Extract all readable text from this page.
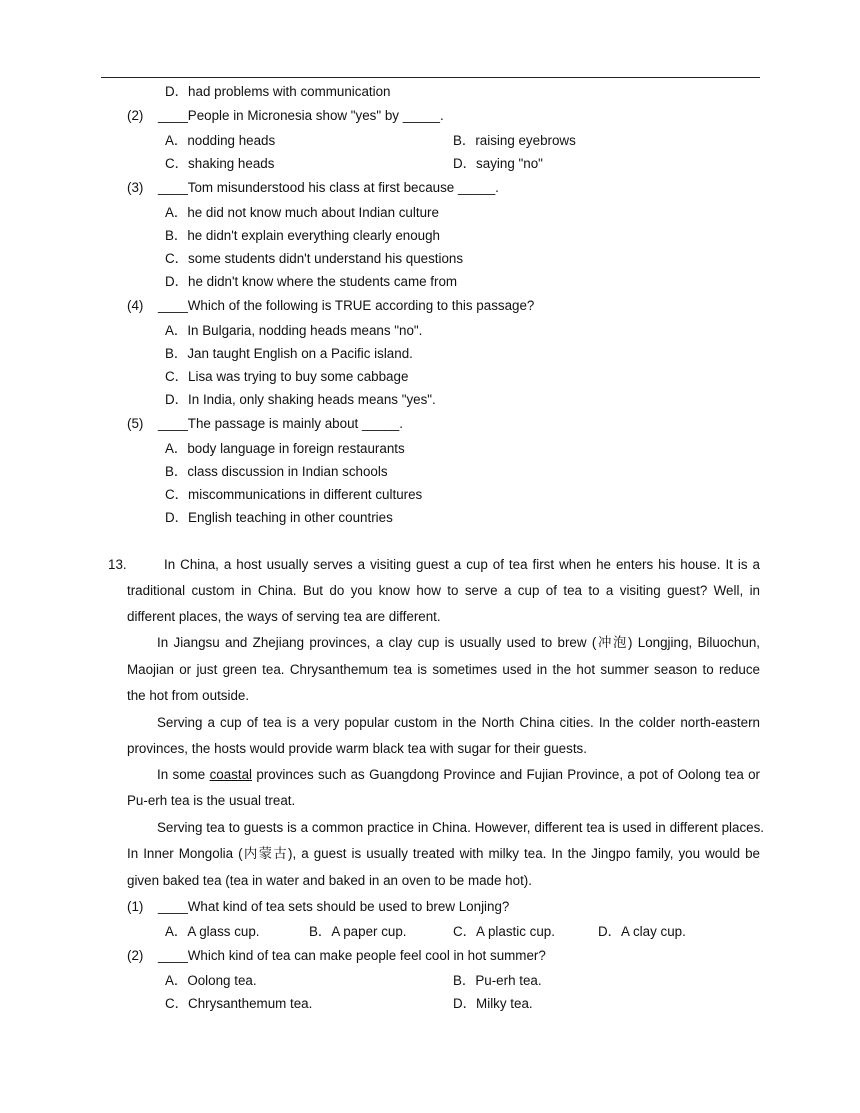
D．had problems with communication
(2) ____People in Micronesia show "yes" by _____.
A．nodding heads	B．raising eyebrows
C．shaking heads	D．saying "no"
(3) ____Tom misunderstood his class at first because _____.
A．he did not know much about Indian culture
B．he didn't explain everything clearly enough
C．some students didn't understand his questions
D．he didn't know where the students came from
(4) ____Which of the following is TRUE according to this passage?
A．In Bulgaria, nodding heads means "no".
B．Jan taught English on a Pacific island.
C．Lisa was trying to buy some cabbage
D．In India, only shaking heads means "yes".
(5) ____The passage is mainly about _____.
A．body language in foreign restaurants
B．class discussion in Indian schools
C．miscommunications in different cultures
D．English teaching in other countries
13.	In China, a host usually serves a visiting guest a cup of tea first when he enters his house. It is a
traditional custom in China. But do you know how to serve a cup of tea to a visiting guest? Well, in
different places, the ways of serving tea are different.
In Jiangsu and Zhejiang provinces, a clay cup is usually used to brew (冲泡) Longjing, Biluochun,
Maojian or just green tea. Chrysanthemum tea is sometimes used in the hot summer season to reduce
the hot from outside.
Serving a cup of tea is a very popular custom in the North China cities. In the colder north-eastern
provinces, the hosts would provide warm black tea with sugar for their guests.
In some coastal provinces such as Guangdong Province and Fujian Province, a pot of Oolong tea or
Pu-erh tea is the usual treat.
Serving tea to guests is a common practice in China. However, different tea is used in different places.
In Inner Mongolia (内蒙古), a guest is usually treated with milky tea. In the Jingpo family, you would be
given baked tea (tea in water and baked in an oven to be made hot).
(1) ____What kind of tea sets should be used to brew Lonjing?
A．A glass cup.	B．A paper cup.	C．A plastic cup.	D．A clay cup.
(2) ____Which kind of tea can make people feel cool in hot summer?
A．Oolong tea.	B．Pu-erh tea.
C．Chrysanthemum tea.	D．Milky tea.
